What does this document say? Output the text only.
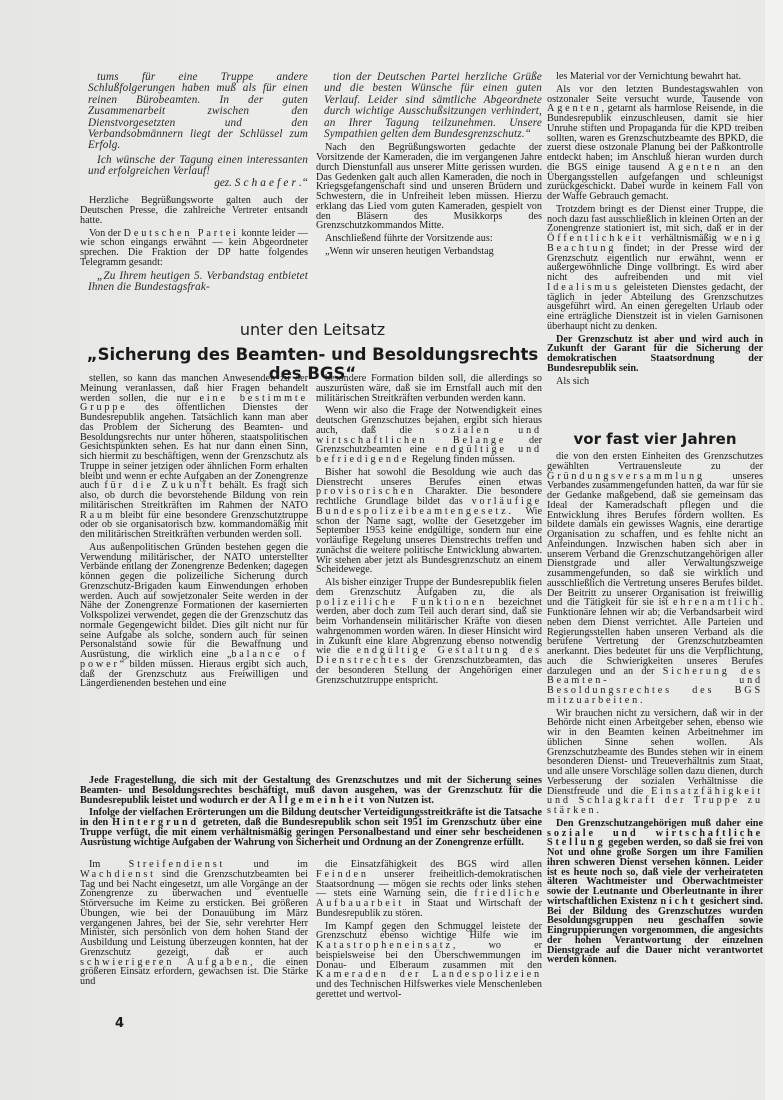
tums für eine Truppe andere Schlußfolgerungen haben muß als für einen reinen Bürobeamten. In der guten Zusammenarbeit zwischen den Dienstvorgesetzten und den Verbandsobmännern liegt der Schlüssel zum Erfolg.

Ich wünsche der Tagung einen interessanten und erfolgreichen Verlauf!

gez. Schaefer.“

Herzliche Begrüßungsworte galten auch der Deutschen Presse, die zahlreiche Vertreter entsandt hatte.

Von der Deutschen Partei konnte leider — wie schon eingangs erwähnt — kein Abgeordneter sprechen. Die Fraktion der DP hatte folgendes Telegramm gesandt:

„Zu Ihrem heutigen 5. Verbandstag entbietet Ihnen die Bundestagsfrak-

tion der Deutschen Partei herzliche Grüße und die besten Wünsche für einen guten Verlauf. Leider sind sämtliche Abgeordnete durch wichtige Ausschußsitzungen verhindert, an Ihrer Tagung teilzunehmen. Unsere Sympathien gelten dem Bundesgrenzschutz.“

Nach den Begrüßungsworten gedachte der Vorsitzende der Kameraden, die im vergangenen Jahre durch Dienstunfall aus unserer Mitte gerissen wurden. Das Gedenken galt auch allen Kameraden, die noch in Kriegsgefangenschaft sind und unseren Brüdern und Schwestern, die in Unfreiheit leben müssen. Hierzu erklang das Lied vom guten Kameraden, gespielt von den Bläsern des Musikkorps des Grenzschutzkommandos Mitte.

Anschließend führte der Vorsitzende aus:

„Wenn wir unseren heutigen Verbandstag

les Material vor der Vernichtung bewahrt hat.

Als vor den letzten Bundestagswahlen von ostzonaler Seite versucht wurde, Tausende von Agenten, getarnt als harmlose Reisende, in die Bundesrepublik einzuschleusen, damit sie hier Unruhe stiften und Propaganda für die KPD treiben sollten, waren es Grenzschutzbeamte des BPKD, die zuerst diese ostzonale Planung bei der Paßkontrolle entdeckt haben; im Anschluß hieran wurden durch die BGS einige tausend Agenten an den Übergangsstellen aufgefangen und schleunigst zurückgeschickt. Dabei wurde in keinem Fall von der Waffe Gebrauch gemacht.

Trotzdem bringt es der Dienst einer Truppe, die noch dazu fast ausschließlich in kleinen Orten an der Zonengrenze stationiert ist, mit sich, daß er in der Öffentlichkeit verhältnismäßig wenig Beachtung findet; in der Presse wird der Grenzschutz eigentlich nur erwähnt, wenn er außergewöhnliche Dinge vollbringt. Es wird aber nicht des aufreibenden und mit viel Idealismus geleisteten Dienstes gedacht, der täglich in jeder Abteilung des Grenzschutzes ausgeführt wird. An einen geregelten Urlaub oder eine erträgliche Dienstzeit ist in vielen Garnisonen überhaupt nicht zu denken.

Der Grenzschutz ist aber und wird auch in Zukunft der Garant für die Sicherung der demokratischen Staatsordnung der Bundesrepublik sein.

Als sich

vor fast vier Jahren

die von den ersten Einheiten des Grenzschutzes gewählten Vertrauensleute zu der Gründungsversammlung unseres Verbandes zusammengefunden hatten, da war für sie der Gedanke maßgebend, daß sie gemeinsam das Ideal der Kameradschaft pflegen und die Entwicklung ihres Berufes fördern wollten. Es bildete damals ein gewisses Wagnis, eine derartige Organisation zu schaffen, und es fehlte nicht an Anfeindungen. Inzwischen haben sich aber in unserem Verband die Grenzschutzangehörigen aller Dienstgrade und aller Verwaltungszweige zusammengefunden, so daß sie wirklich und ausschließlich die Vertretung unseres Berufes bildet. Der Beitritt zu unserer Organisation ist freiwillig und die Tätigkeit für sie ist ehrenamtlich. Funktionäre lehnen wir ab; die Verbandsarbeit wird neben dem Dienst verrichtet. Alle Parteien und Regierungsstellen haben unseren Verband als die berufene Vertretung der Grenzschutzbeamten anerkannt. Dies bedeutet für uns die Verpflichtung, auch die Schwierigkeiten unseres Berufes darzulegen und an der Sicherung des Beamten- und Besoldungsrechtes des BGS mitzuarbeiten.

Wir brauchen nicht zu versichern, daß wir in der Behörde nicht einen Arbeitgeber sehen, ebenso wie wir in den Beamten keinen Arbeitnehmer im üblichen Sinne sehen wollen. Als Grenzschutzbeamte des Bundes stehen wir in einem besonderen Dienst- und Treueverhältnis zum Staat, und alle unsere Vorschläge sollen dazu dienen, durch Verbesserung der sozialen Verhältnisse die Dienstfreude und die Einsatzfähigkeit und Schlagkraft der Truppe zu stärken.

Den Grenzschutzangehörigen muß daher eine soziale und wirtschaftliche Stellung gegeben werden, so daß sie frei von Not und ohne große Sorgen um ihre Familien ihren schweren Dienst versehen können. Leider ist es heute noch so, daß viele der verheirateten älteren Wachtmeister und Oberwachtmeister sowie der Leutnante und Oberleutnante in ihrer wirtschaftlichen Existenz nicht gesichert sind. Bei der Bildung des Grenzschutzes wurden Besoldungsgruppen neu geschaffen sowie Eingruppierungen vorgenommen, die angesichts der hohen Verantwortung der einzelnen Dienstgrade auf die Dauer nicht verantwortet werden können.

unter den Leitsatz
„Sicherung des Beamten- und Besoldungsrechts des BGS“

stellen, so kann das manchen Anwesenden zu der Meinung veranlassen, daß hier Fragen behandelt werden sollen, die nur eine bestimmte Gruppe des öffentlichen Dienstes der Bundesrepublik angehen. Tatsächlich kann man aber das Problem der Sicherung des Beamten- und Besoldungsrechts nur unter höheren, staatspolitischen Gesichtspunkten sehen. Es hat nur dann einen Sinn, sich hiermit zu beschäftigen, wenn der Grenzschutz als Truppe in seiner jetzigen oder ähnlichen Form erhalten bleibt und wenn er echte Aufgaben an der Zonengrenze auch für die Zukunft behält. Es fragt sich also, ob durch die bevorstehende Bildung von rein militärischen Streitkräften im Rahmen der NATO Raum bleibt für eine besondere Grenzschutztruppe oder ob sie organisatorisch bzw. kommandomäßig mit den militärischen Streitkräften verbunden werden soll.

Aus außenpolitischen Gründen bestehen gegen die Verwendung militärischer, der NATO unterstellter Verbände entlang der Zonengrenze Bedenken; dagegen können gegen die polizeiliche Sicherung durch Grenzschutz-Brigaden kaum Einwendungen erhoben werden. Auch auf sowjetzonaler Seite werden in der Nähe der Zonengrenze Formationen der kasernierten Volkspolizei verwendet, gegen die der Grenzschutz das normale Gegengewicht bildet. Dies gilt nicht nur für seine Aufgabe als solche, sondern auch für seinen Personalstand sowie für die Bewaffnung und Ausrüstung, die wirklich eine „balance of power“ bilden müssen. Hieraus ergibt sich auch, daß der Grenzschutz aus Freiwilligen und Längerdienenden bestehen und eine

besondere Formation bilden soll, die allerdings so auszurüsten wäre, daß sie im Ernstfall auch mit den militärischen Streitkräften verbunden werden kann.

Wenn wir also die Frage der Notwendigkeit eines deutschen Grenzschutzes bejahen, ergibt sich hieraus auch, daß die sozialen und wirtschaftlichen Belange der Grenzschutzbeamten eine endgültige und befriedigende Regelung finden müssen.

Bisher hat sowohl die Besoldung wie auch das Dienstrecht unseres Berufes einen etwas provisorischen Charakter. Die besondere rechtliche Grundlage bildet das vorläufige Bundespolizeibeamtengesetz. Wie schon der Name sagt, wollte der Gesetzgeber im September 1953 keine endgültige, sondern nur eine vorläufige Regelung unseres Dienstrechts treffen und zunächst die weitere politische Entwicklung abwarten. Wir stehen aber jetzt als Bundesgrenzschutz an einem Scheidewege.

Als bisher einziger Truppe der Bundesrepublik fielen dem Grenzschutz Aufgaben zu, die als polizeiliche Funktionen bezeichnet werden, aber doch zum Teil auch derart sind, daß sie beim Vorhandensein militärischer Kräfte von diesen wahrgenommen worden wären. In dieser Hinsicht wird in Zukunft eine klare Abgrenzung ebenso notwendig wie die endgültige Gestaltung des Dienstrechtes der Grenzschutzbeamten, das der besonderen Stellung der Angehörigen einer Grenzschutztruppe entspricht.

Jede Fragestellung, die sich mit der Gestaltung des Grenzschutzes und mit der Sicherung seines Beamten- und Besoldungsrechtes beschäftigt, muß davon ausgehen, was der Grenzschutz für die Bundesrepublik leistet und wodurch er der Allgemeinheit von Nutzen ist.

Infolge der vielfachen Erörterungen um die Bildung deutscher Verteidigungsstreitkräfte ist die Tatsache in den Hintergrund getreten, daß die Bundesrepublik schon seit 1951 im Grenzschutz über eine Truppe verfügt, die mit einem verhältnismäßig geringen Personalbestand und einer sehr bescheidenen Ausrüstung wichtige Aufgaben der Wahrung von Sicherheit und Ordnung an der Zonengrenze erfüllt.

Im Streifendienst und im Wachdienst sind die Grenzschutzbeamten bei Tag und bei Nacht eingesetzt, um alle Vorgänge an der Zonengrenze zu überwachen und eventuelle Störversuche im Keime zu ersticken. Bei größeren Übungen, wie bei der Donauübung im März vergangenen Jahres, bei der Sie, sehr verehrter Herr Minister, sich persönlich von dem hohen Stand der Ausbildung und Leistung überzeugen konnten, hat der Grenzschutz gezeigt, daß er auch schwierigeren Aufgaben, die einen größeren Einsatz erfordern, gewachsen ist. Die Stärke und

die Einsatzfähigkeit des BGS wird allen Feinden unserer freiheitlich-demokratischen Staatsordnung — mögen sie rechts oder links stehen — stets eine Warnung sein, die friedliche Aufbauarbeit in Staat und Wirtschaft der Bundesrepublik zu stören.

Im Kampf gegen den Schmuggel leistete der Grenzschutz ebenso wichtige Hilfe wie im Katastropheneinsatz, wo er beispielsweise bei den Überschwemmungen im Donau- und Elberaum zusammen mit den Kameraden der Landespolizeien und des Technischen Hilfswerkes viele Menschenleben gerettet und wertvol-

4
